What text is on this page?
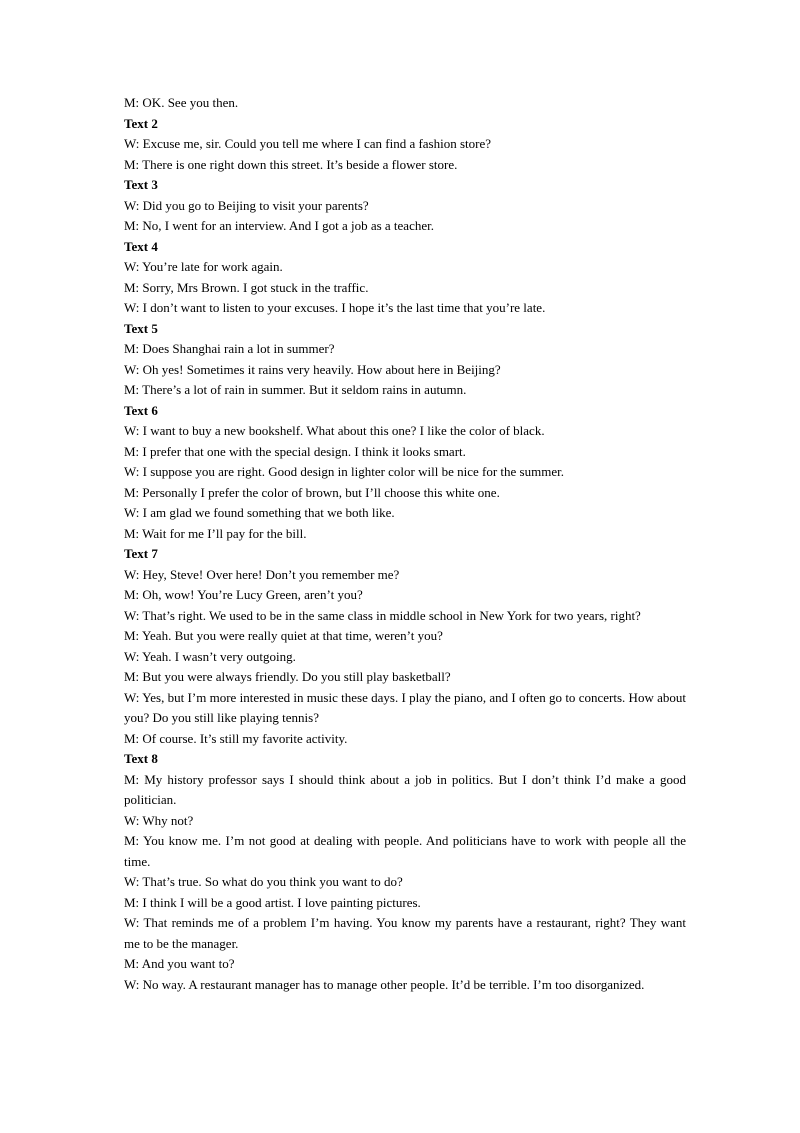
M: OK. See you then.

Text 2

W: Excuse me, sir. Could you tell me where I can find a fashion store?

M: There is one right down this street. It’s beside a flower store.

Text 3

W: Did you go to Beijing to visit your parents?

M: No, I went for an interview. And I got a job as a teacher.

Text 4

W: You’re late for work again.

M: Sorry, Mrs Brown. I got stuck in the traffic.

W: I don’t want to listen to your excuses. I hope it’s the last time that you’re late.

Text 5

M: Does Shanghai rain a lot in summer?

W: Oh yes! Sometimes it rains very heavily. How about here in Beijing?

M: There’s a lot of rain in summer. But it seldom rains in autumn.

Text 6

W: I want to buy a new bookshelf. What about this one? I like the color of black.

M: I prefer that one with the special design. I think it looks smart.

W: I suppose you are right. Good design in lighter color will be nice for the summer.

M: Personally I prefer the color of brown, but I’ll choose this white one.

W: I am glad we found something that we both like.

M: Wait for me I’ll pay for the bill.

Text 7

W: Hey, Steve! Over here! Don’t you remember me?

M: Oh, wow! You’re Lucy Green, aren’t you?

W: That’s right. We used to be in the same class in middle school in New York for two years, right?

M: Yeah. But you were really quiet at that time, weren’t you?

W: Yeah. I wasn’t very outgoing.

M: But you were always friendly. Do you still play basketball?

W: Yes, but I’m more interested in music these days. I play the piano, and I often go to concerts. How about you? Do you still like playing tennis?

M: Of course. It’s still my favorite activity.

Text 8

M: My history professor says I should think about a job in politics. But I don’t think I’d make a good politician.

W: Why not?

M: You know me. I’m not good at dealing with people. And politicians have to work with people all the time.

W: That’s true. So what do you think you want to do?

M: I think I will be a good artist. I love painting pictures.

W: That reminds me of a problem I’m having. You know my parents have a restaurant, right? They want me to be the manager.

M: And you want to?

W: No way. A restaurant manager has to manage other people. It’d be terrible. I’m too disorganized.
